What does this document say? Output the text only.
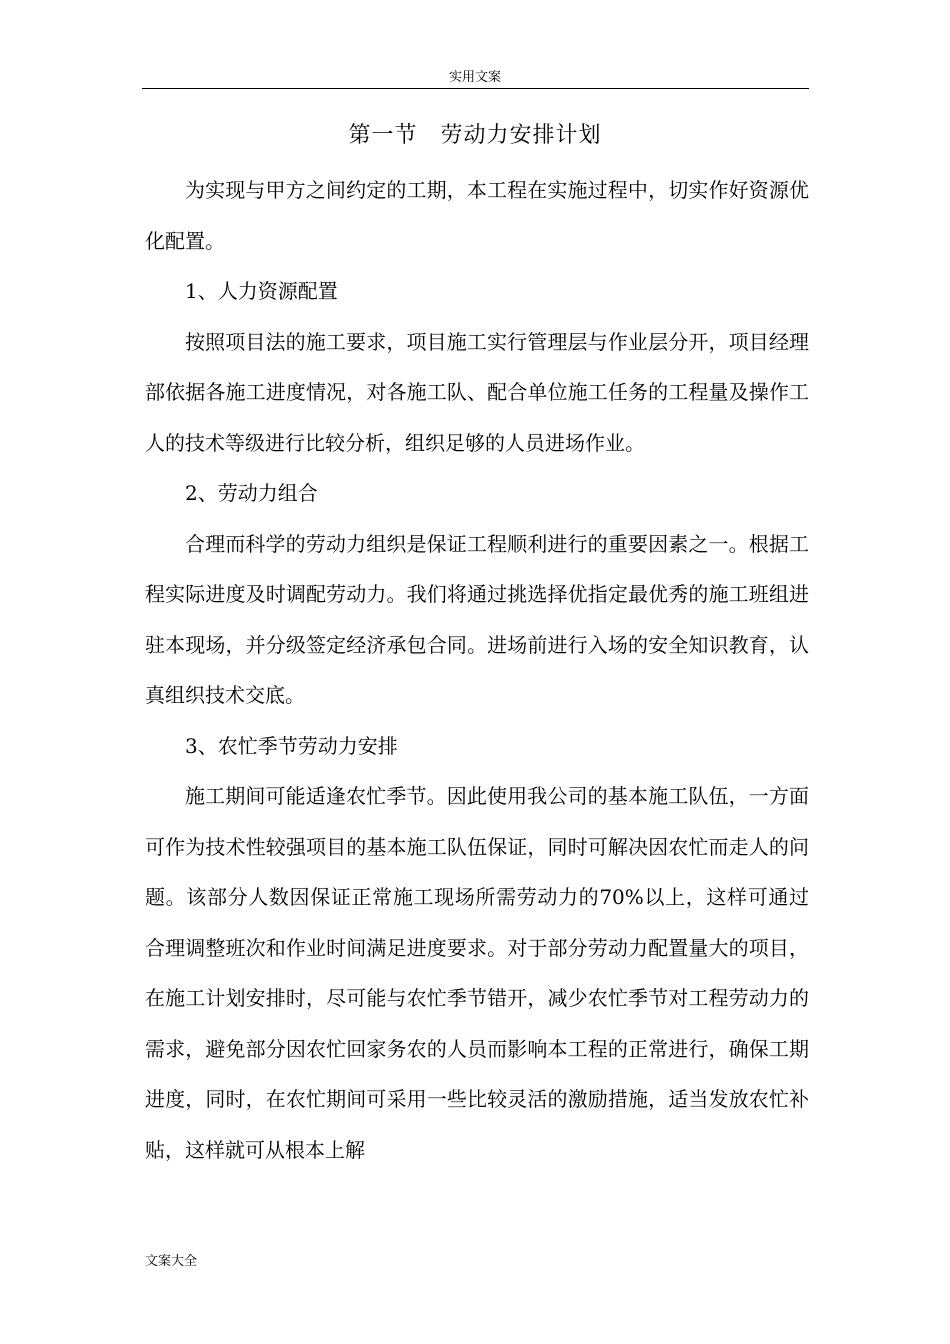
实用文案
第一节　劳动力安排计划

为实现与甲方之间约定的工期，本工程在实施过程中，切实作好资源优化配置。

1、人力资源配置

按照项目法的施工要求，项目施工实行管理层与作业层分开，项目经理部依据各施工进度情况，对各施工队、配合单位施工任务的工程量及操作工人的技术等级进行比较分析，组织足够的人员进场作业。

2、劳动力组合

合理而科学的劳动力组织是保证工程顺利进行的重要因素之一。根据工程实际进度及时调配劳动力。我们将通过挑选择优指定最优秀的施工班组进驻本现场，并分级签定经济承包合同。进场前进行入场的安全知识教育，认真组织技术交底。

3、农忙季节劳动力安排

施工期间可能适逢农忙季节。因此使用我公司的基本施工队伍，一方面可作为技术性较强项目的基本施工队伍保证，同时可解决因农忙而走人的问题。该部分人数因保证正常施工现场所需劳动力的70%以上，这样可通过合理调整班次和作业时间满足进度要求。对于部分劳动力配置量大的项目，在施工计划安排时，尽可能与农忙季节错开，减少农忙季节对工程劳动力的需求，避免部分因农忙回家务农的人员而影响本工程的正常进行，确保工期进度，同时，在农忙期间可采用一些比较灵活的激励措施，适当发放农忙补贴，这样就可从根本上解

文案大全
